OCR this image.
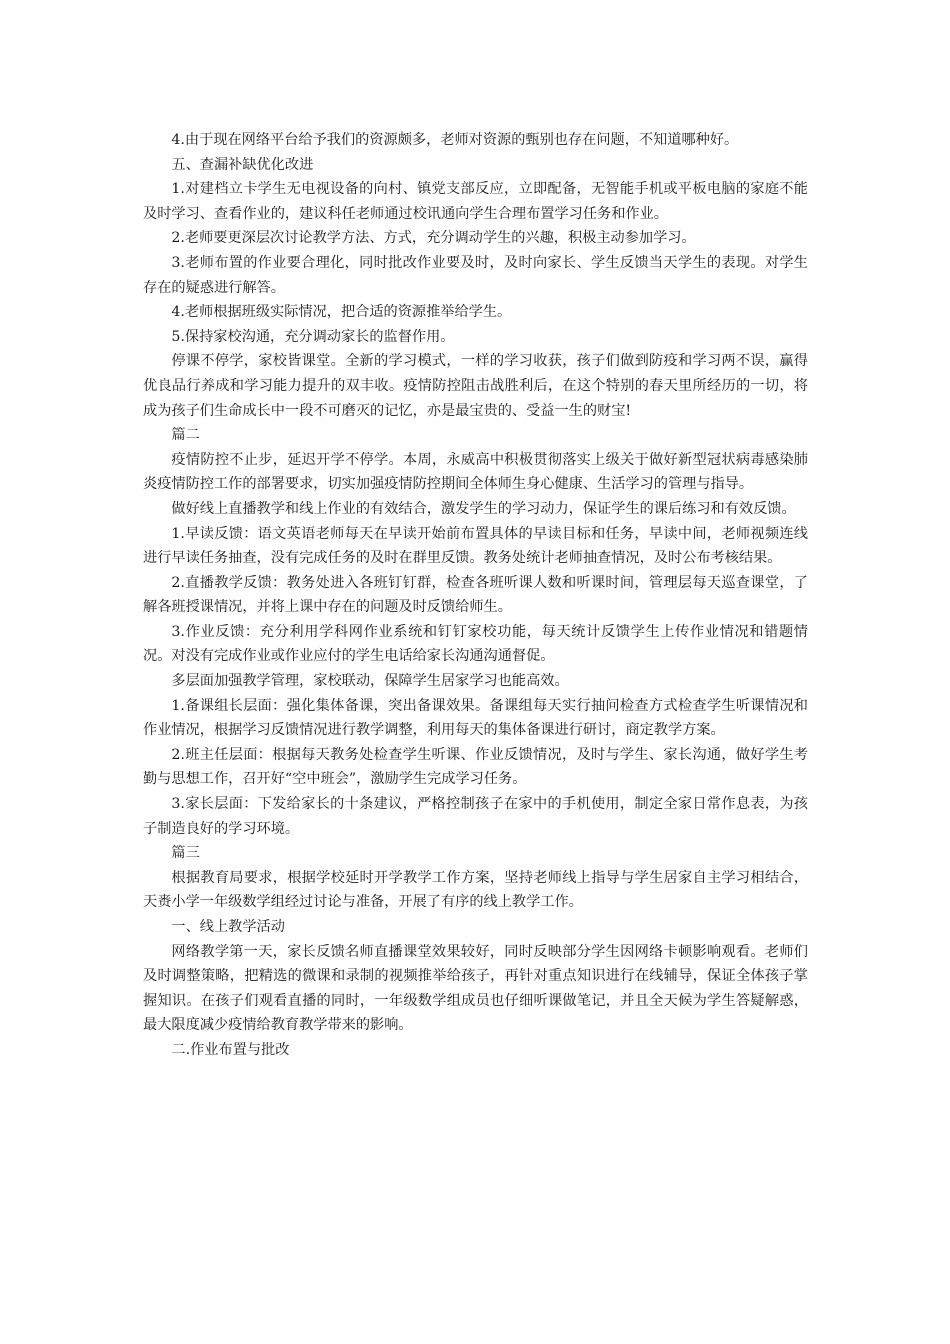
4.由于现在网络平台给予我们的资源颇多，老师对资源的甄别也存在问题，不知道哪种好。

五、查漏补缺优化改进

1.对建档立卡学生无电视设备的向村、镇党支部反应，立即配备，无智能手机或平板电脑的家庭不能及时学习、查看作业的，建议科任老师通过校讯通向学生合理布置学习任务和作业。

2.老师要更深层次讨论教学方法、方式，充分调动学生的兴趣，积极主动参加学习。

3.老师布置的作业要合理化，同时批改作业要及时，及时向家长、学生反馈当天学生的表现。对学生存在的疑惑进行解答。

4.老师根据班级实际情况，把合适的资源推举给学生。

5.保持家校沟通，充分调动家长的监督作用。

停课不停学，家校皆课堂。全新的学习模式，一样的学习收获，孩子们做到防疫和学习两不误，赢得优良品行养成和学习能力提升的双丰收。疫情防控阻击战胜利后，在这个特别的春天里所经历的一切，将成为孩子们生命成长中一段不可磨灭的记忆，亦是最宝贵的、受益一生的财宝!

篇二

疫情防控不止步，延迟开学不停学。本周，永威高中积极贯彻落实上级关于做好新型冠状病毒感染肺炎疫情防控工作的部署要求，切实加强疫情防控期间全体师生身心健康、生活学习的管理与指导。

做好线上直播教学和线上作业的有效结合，激发学生的学习动力，保证学生的课后练习和有效反馈。

1.早读反馈：语文英语老师每天在早读开始前布置具体的早读目标和任务，早读中间，老师视频连线进行早读任务抽查，没有完成任务的及时在群里反馈。教务处统计老师抽查情况，及时公布考核结果。

2.直播教学反馈：教务处进入各班钉钉群，检查各班听课人数和听课时间，管理层每天巡查课堂，了解各班授课情况，并将上课中存在的问题及时反馈给师生。

3.作业反馈：充分利用学科网作业系统和钉钉家校功能，每天统计反馈学生上传作业情况和错题情况。对没有完成作业或作业应付的学生电话给家长沟通沟通督促。

多层面加强教学管理，家校联动，保障学生居家学习也能高效。

1.备课组长层面：强化集体备课，突出备课效果。备课组每天实行抽问检查方式检查学生听课情况和作业情况，根据学习反馈情况进行教学调整，利用每天的集体备课进行研讨，商定教学方案。

2.班主任层面：根据每天教务处检查学生听课、作业反馈情况，及时与学生、家长沟通，做好学生考勤与思想工作，召开好“空中班会”，激励学生完成学习任务。

3.家长层面：下发给家长的十条建议，严格控制孩子在家中的手机使用，制定全家日常作息表，为孩子制造良好的学习环境。

篇三

根据教育局要求，根据学校延时开学教学工作方案，坚持老师线上指导与学生居家自主学习相结合，天赉小学一年级数学组经过讨论与准备，开展了有序的线上教学工作。

一、线上教学活动

网络教学第一天，家长反馈名师直播课堂效果较好，同时反映部分学生因网络卡顿影响观看。老师们及时调整策略，把精选的微课和录制的视频推举给孩子，再针对重点知识进行在线辅导，保证全体孩子掌握知识。在孩子们观看直播的同时，一年级数学组成员也仔细听课做笔记，并且全天候为学生答疑解惑，最大限度减少疫情给教育教学带来的影响。

二.作业布置与批改
